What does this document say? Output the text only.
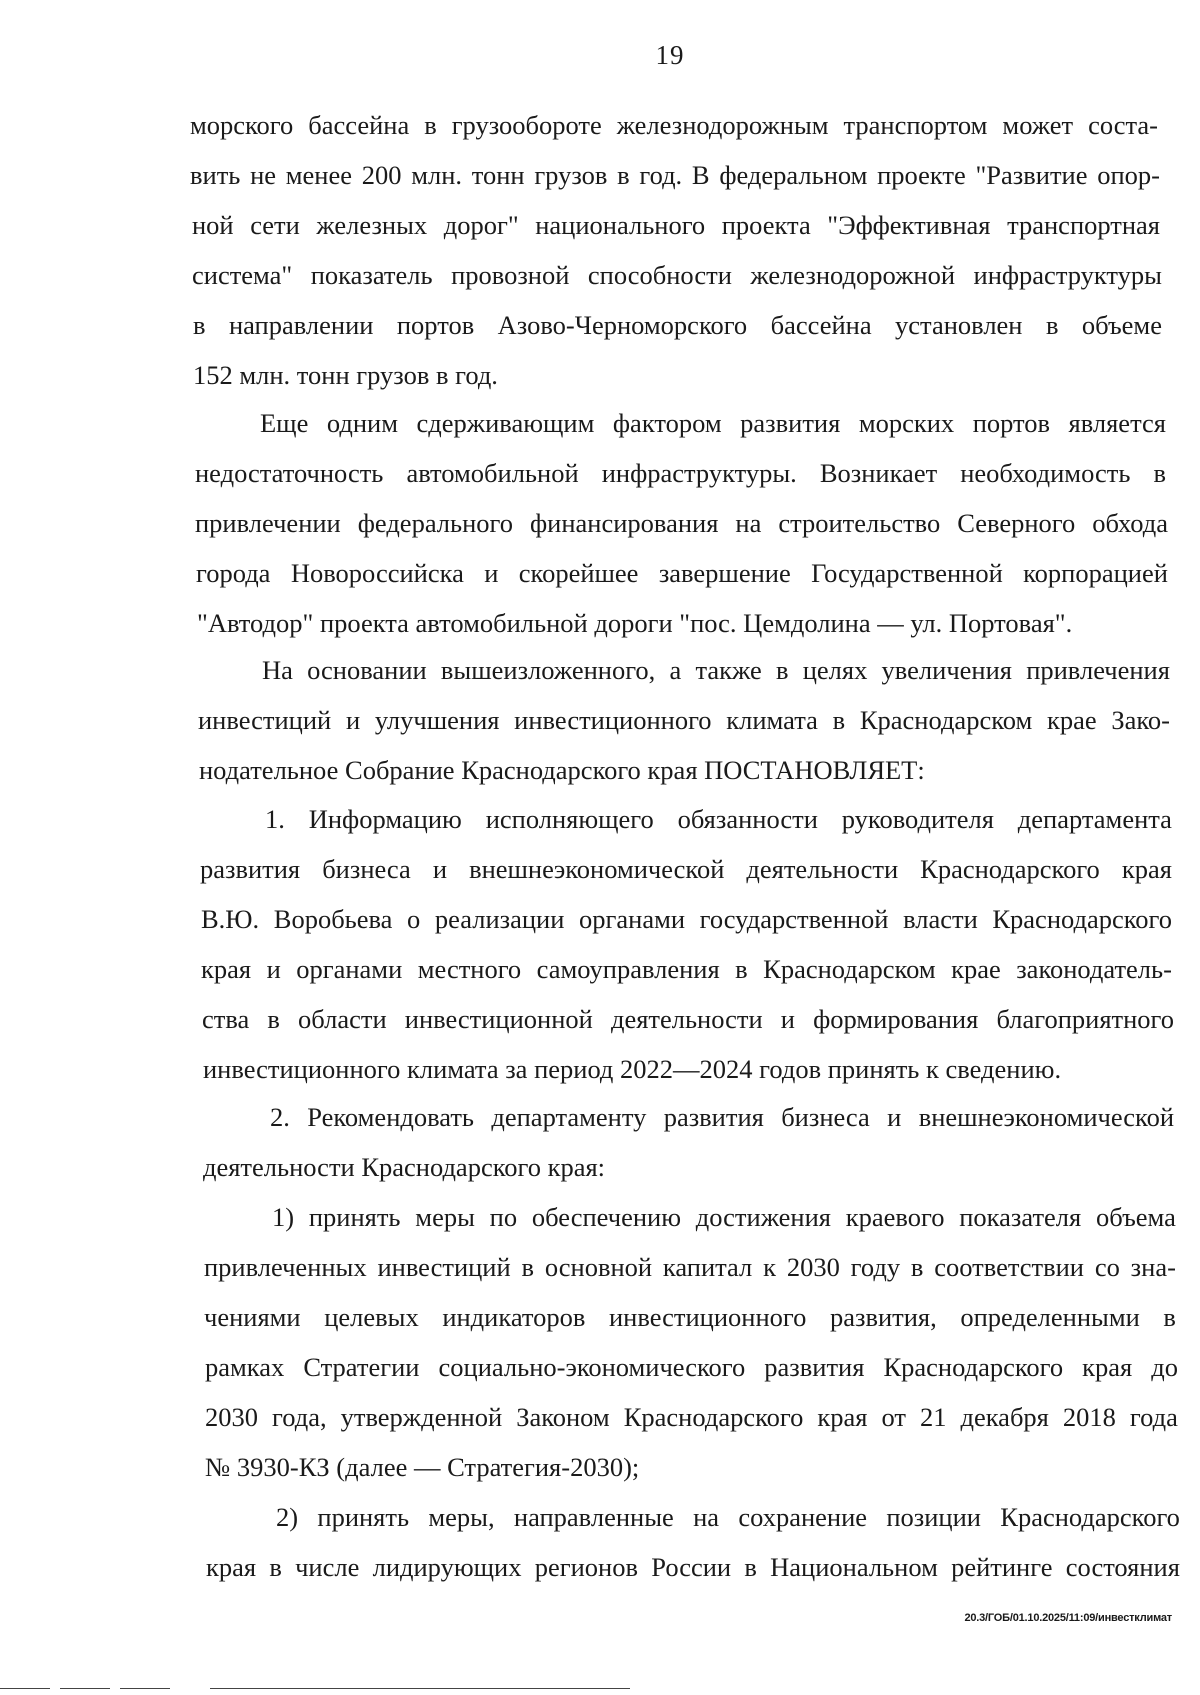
19
морского бассейна в грузообороте железнодорожным транспортом может соста-
вить не менее 200 млн. тонн грузов в год. В федеральном проекте "Развитие опор-
ной сети железных дорог" национального проекта "Эффективная транспортная
система" показатель провозной способности железнодорожной инфраструктуры
в направлении портов Азово-Черноморского бассейна установлен в объеме
152 млн. тонн грузов в год.
Еще одним сдерживающим фактором развития морских портов является
недостаточность автомобильной инфраструктуры. Возникает необходимость в
привлечении федерального финансирования на строительство Северного обхода
города Новороссийска и скорейшее завершение Государственной корпорацией
"Автодор" проекта автомобильной дороги "пос. Цемдолина — ул. Портовая".
На основании вышеизложенного, а также в целях увеличения привлечения
инвестиций и улучшения инвестиционного климата в Краснодарском крае Зако-
нодательное Собрание Краснодарского края ПОСТАНОВЛЯЕТ:
1. Информацию исполняющего обязанности руководителя департамента
развития бизнеса и внешнеэкономической деятельности Краснодарского края
В.Ю. Воробьева о реализации органами государственной власти Краснодарского
края и органами местного самоуправления в Краснодарском крае законодатель-
ства в области инвестиционной деятельности и формирования благоприятного
инвестиционного климата за период 2022—2024 годов принять к сведению.
2. Рекомендовать департаменту развития бизнеса и внешнеэкономической
деятельности Краснодарского края:
1) принять меры по обеспечению достижения краевого показателя объема
привлеченных инвестиций в основной капитал к 2030 году в соответствии со зна-
чениями целевых индикаторов инвестиционного развития, определенными в
рамках Стратегии социально-экономического развития Краснодарского края до
2030 года, утвержденной Законом Краснодарского края от 21 декабря 2018 года
№ 3930-КЗ (далее — Стратегия-2030);
2) принять меры, направленные на сохранение позиции Краснодарского
края в числе лидирующих регионов России в Национальном рейтинге состояния
20.3/ГОБ/01.10.2025/11:09/инвестклимат
